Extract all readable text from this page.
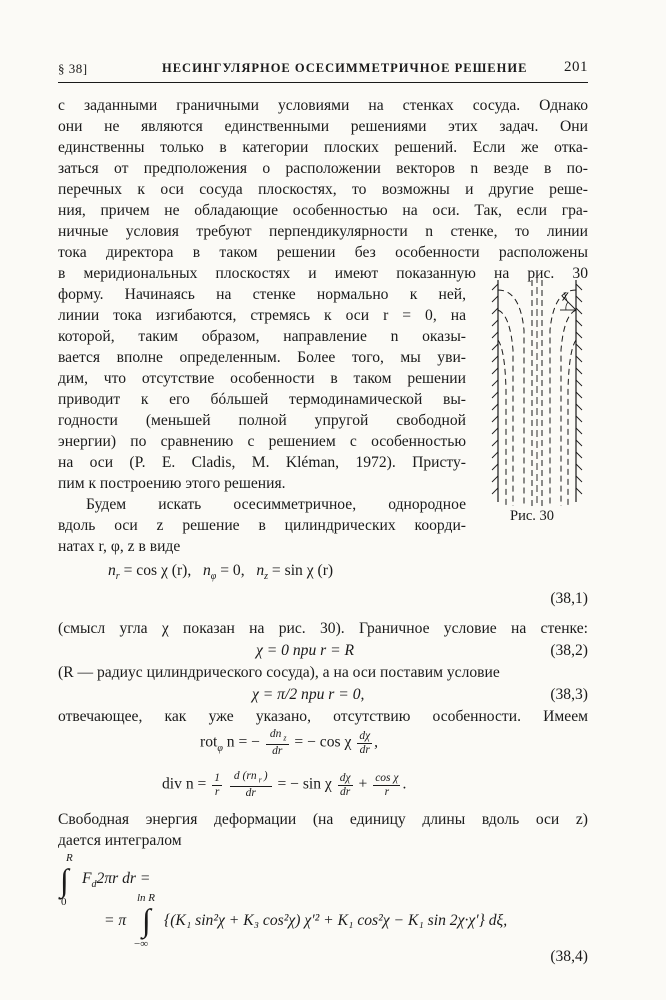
§ 38]	НЕСИНГУЛЯРНОЕ ОСЕСИММЕТРИЧНОЕ РЕШЕНИЕ 201
с заданными граничными условиями на стенках сосуда. Однако
они не являются единственными решениями этих задач. Они
единственны только в категории плоских решений. Если же отка-
заться от предположения о расположении векторов n везде в по-
перечных к оси сосуда плоскостях, то возможны и другие реше-
ния, причем не обладающие особенностью на оси. Так, если гра-
ничные условия требуют перпендикулярности n стенке, то линии
тока директора в таком решении без особенности расположены
в меридиональных плоскостях и имеют показанную на рис. 30
форму. Начинаясь на стенке нормально к ней,
линии тока изгибаются, стремясь к оси r = 0, на
которой, таким образом, направление n оказы-
вается вполне определенным. Более того, мы уви-
дим, что отсутствие особенности в таком решении
приводит к его бóльшей термодинамической вы-
годности (меньшей полной упругой свободной
энергии) по сравнению с решением с особенностью
на оси (P. E. Cladis, M. Kléman, 1972). Присту-
пим к построению этого решения.
Будем искать осесимметричное, однородное
вдоль оси z решение в цилиндрических коорди-
натах r, φ, z в виде
$n_r = \cos \chi$ (r), $n_\varphi = 0$, $n_z = \sin \chi$ (r)
(38,1)
χ
Рис. 30
(смысл угла χ показан на рис. 30). Граничное условие на стенке:
χ = 0 при r = R	(38,2)
(R — радиус цилиндрического сосуда), а на оси поставим условие
χ = π/2 при r = 0,	(38,3)
отвечающее, как уже указано, отсутствию особенности. Имеем
rot$_\varphi$ n = − $\frac{dn _z}{dr}$ = − cos χ $\frac{d\chi}{dr}$ ,
div $n = \frac{1}{r}$
$\frac{d (rn _r )}{dr}$ = − sin χ $\frac{d\chi}{dr} + \frac{\text{cos χ}}{r}$ .
Свободная энергия деформации (на единицу длины вдоль оси z)
дается интегралом
R
∫
0
$F_d2\pi r$ dr =
= π
ln R
∫
−∞
{(K₁ sin²χ + K₃ cos²χ) χ′² + K₁ cos²χ − K₁ sin 2χ·χ′} dξ,
(38,4)
